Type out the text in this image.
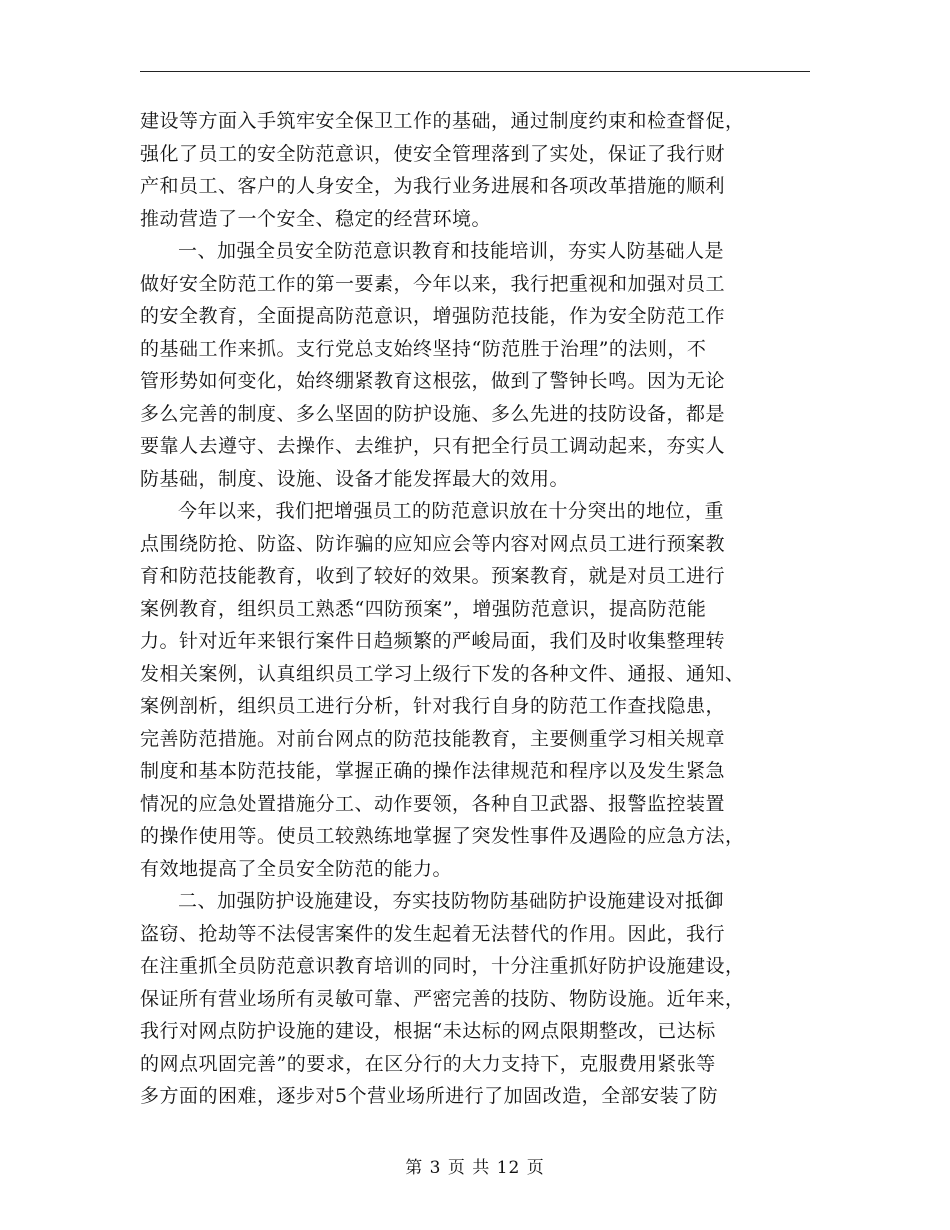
建设等方面入手筑牢安全保卫工作的基础，通过制度约束和检查督促，
强化了员工的安全防范意识，使安全管理落到了实处，保证了我行财
产和员工、客户的人身安全，为我行业务进展和各项改革措施的顺利
推动营造了一个安全、稳定的经营环境。
一、加强全员安全防范意识教育和技能培训，夯实人防基础人是
做好安全防范工作的第一要素，今年以来，我行把重视和加强对员工
的安全教育，全面提高防范意识，增强防范技能，作为安全防范工作
的基础工作来抓。支行党总支始终坚持“防范胜于治理”的法则，不
管形势如何变化，始终绷紧教育这根弦，做到了警钟长鸣。因为无论
多么完善的制度、多么坚固的防护设施、多么先进的技防设备，都是
要靠人去遵守、去操作、去维护，只有把全行员工调动起来，夯实人
防基础，制度、设施、设备才能发挥最大的效用。
今年以来，我们把增强员工的防范意识放在十分突出的地位，重
点围绕防抢、防盗、防诈骗的应知应会等内容对网点员工进行预案教
育和防范技能教育，收到了较好的效果。预案教育，就是对员工进行
案例教育，组织员工熟悉“四防预案”，增强防范意识，提高防范能
力。针对近年来银行案件日趋频繁的严峻局面，我们及时收集整理转
发相关案例，认真组织员工学习上级行下发的各种文件、通报、通知、
案例剖析，组织员工进行分析，针对我行自身的防范工作查找隐患，
完善防范措施。对前台网点的防范技能教育，主要侧重学习相关规章
制度和基本防范技能，掌握正确的操作法律规范和程序以及发生紧急
情况的应急处置措施分工、动作要领，各种自卫武器、报警监控装置
的操作使用等。使员工较熟练地掌握了突发性事件及遇险的应急方法，
有效地提高了全员安全防范的能力。
二、加强防护设施建设，夯实技防物防基础防护设施建设对抵御
盗窃、抢劫等不法侵害案件的发生起着无法替代的作用。因此，我行
在注重抓全员防范意识教育培训的同时，十分注重抓好防护设施建设，
保证所有营业场所有灵敏可靠、严密完善的技防、物防设施。近年来，
我行对网点防护设施的建设，根据“未达标的网点限期整改，已达标
的网点巩固完善”的要求，在区分行的大力支持下，克服费用紧张等
多方面的困难，逐步对5个营业场所进行了加固改造，全部安装了防
第 3 页 共 12 页
